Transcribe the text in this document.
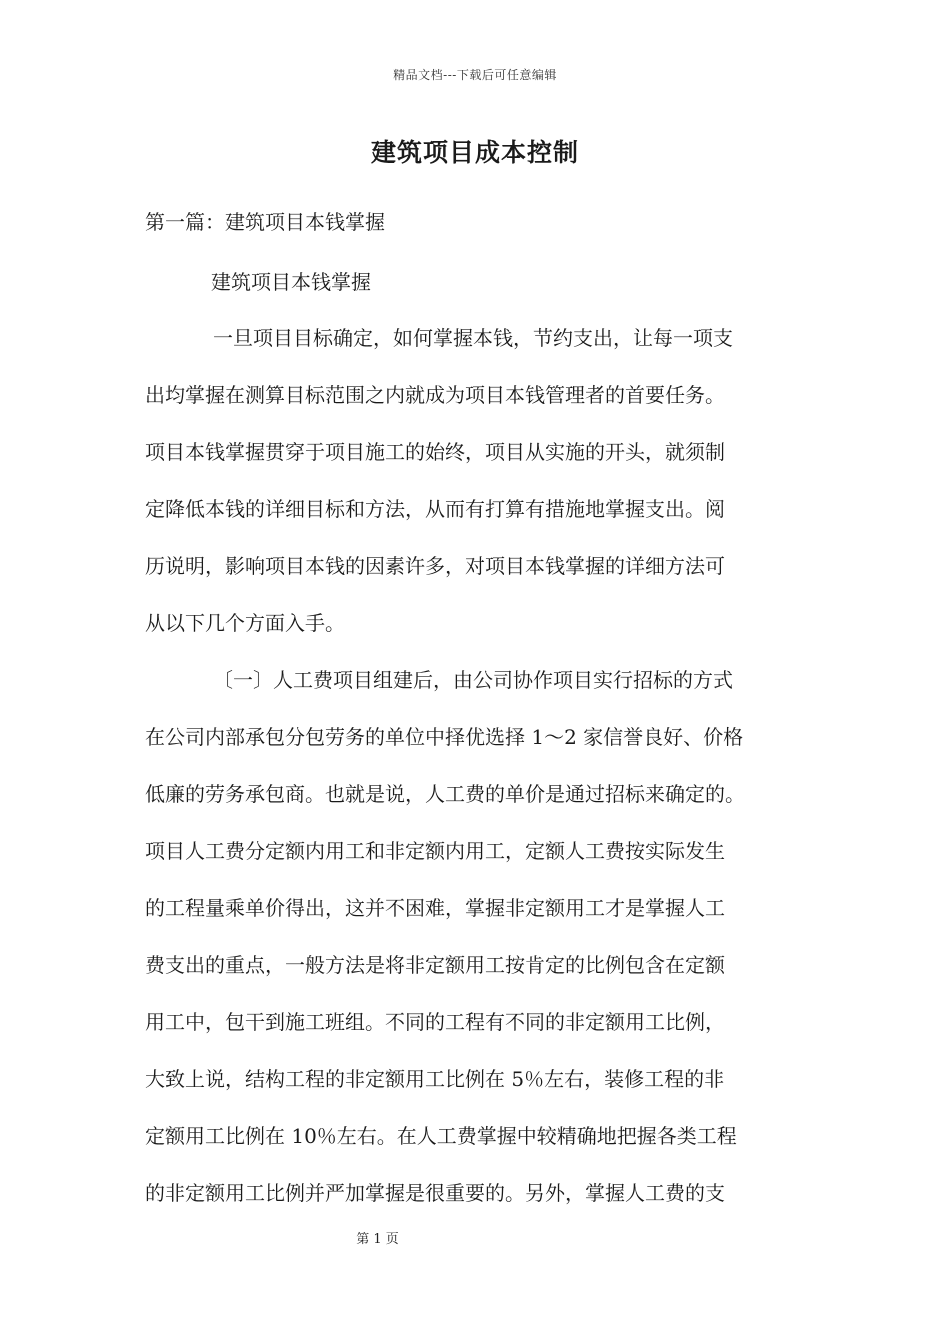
精品文档---下载后可任意编辑
建筑项目成本控制
第一篇：建筑项目本钱掌握
建筑项目本钱掌握
一旦项目目标确定，如何掌握本钱，节约支出，让每一项支
出均掌握在测算目标范围之内就成为项目本钱管理者的首要任务。
项目本钱掌握贯穿于项目施工的始终，项目从实施的开头，就须制
定降低本钱的详细目标和方法，从而有打算有措施地掌握支出。阅
历说明，影响项目本钱的因素许多，对项目本钱掌握的详细方法可
从以下几个方面入手。
〔一〕人工费项目组建后，由公司协作项目实行招标的方式
在公司内部承包分包劳务的单位中择优选择 1～2 家信誉良好、价格
低廉的劳务承包商。也就是说，人工费的单价是通过招标来确定的。
项目人工费分定额内用工和非定额内用工，定额人工费按实际发生
的工程量乘单价得出，这并不困难，掌握非定额用工才是掌握人工
费支出的重点，一般方法是将非定额用工按肯定的比例包含在定额
用工中，包干到施工班组。不同的工程有不同的非定额用工比例，
大致上说，结构工程的非定额用工比例在 5％左右，装修工程的非
定额用工比例在 10％左右。在人工费掌握中较精确地把握各类工程
的非定额用工比例并严加掌握是很重要的。另外，掌握人工费的支
第 1 页
